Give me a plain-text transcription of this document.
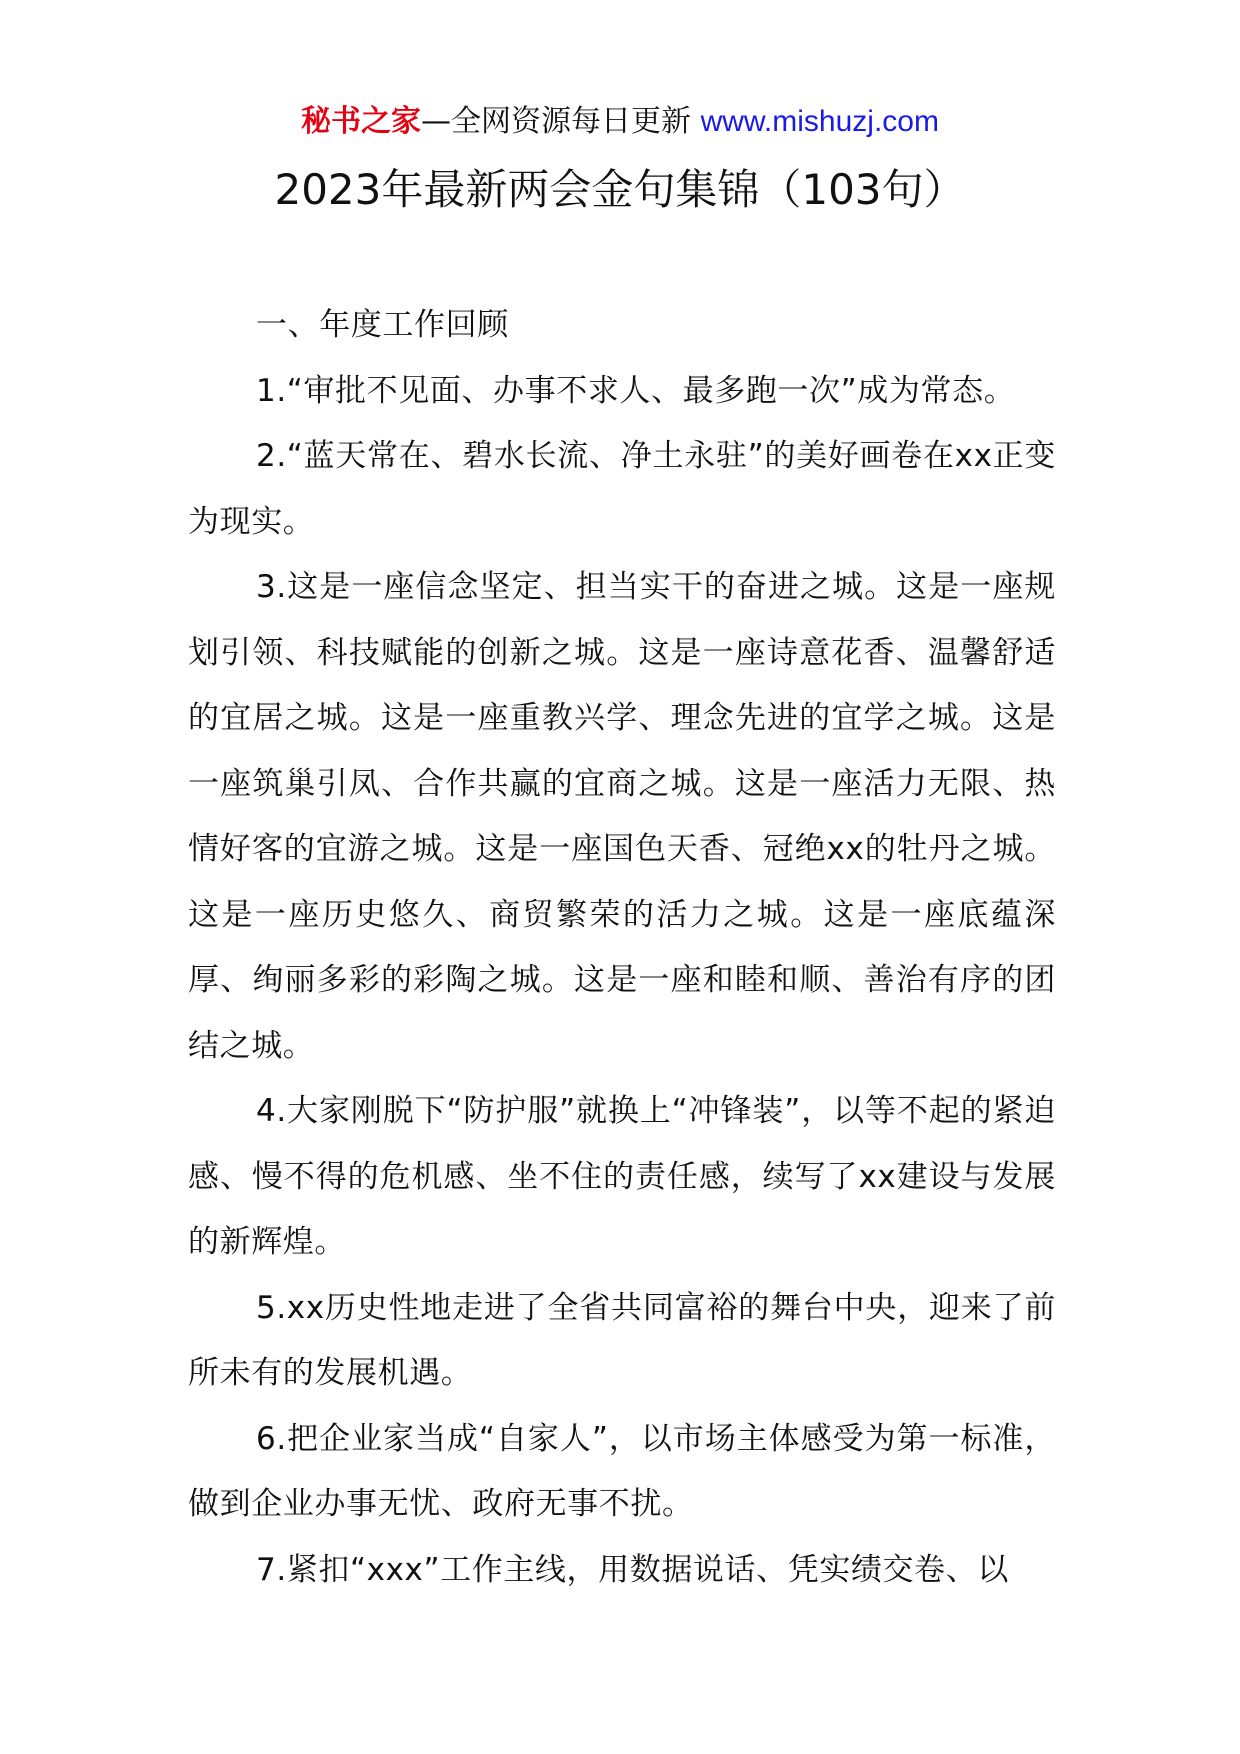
秘书之家—全网资源每日更新 www.mishuzj.com
2023年最新两会金句集锦（103句）

一、年度工作回顾

1.“审批不见面、办事不求人、最多跑一次”成为常态。

2.“蓝天常在、碧水长流、净土永驻”的美好画卷在xx正变为现实。

3.这是一座信念坚定、担当实干的奋进之城。这是一座规划引领、科技赋能的创新之城。这是一座诗意花香、温馨舒适的宜居之城。这是一座重教兴学、理念先进的宜学之城。这是一座筑巢引凤、合作共赢的宜商之城。这是一座活力无限、热情好客的宜游之城。这是一座国色天香、冠绝xx的牡丹之城。这是一座历史悠久、商贸繁荣的活力之城。这是一座底蕴深厚、绚丽多彩的彩陶之城。这是一座和睦和顺、善治有序的团结之城。

4.大家刚脱下“防护服”就换上“冲锋装”，以等不起的紧迫感、慢不得的危机感、坐不住的责任感，续写了xx建设与发展的新辉煌。

5.xx历史性地走进了全省共同富裕的舞台中央，迎来了前所未有的发展机遇。

6.把企业家当成“自家人”，以市场主体感受为第一标准，做到企业办事无忧、政府无事不扰。

7.紧扣“xxx”工作主线，用数据说话、凭实绩交卷、以
